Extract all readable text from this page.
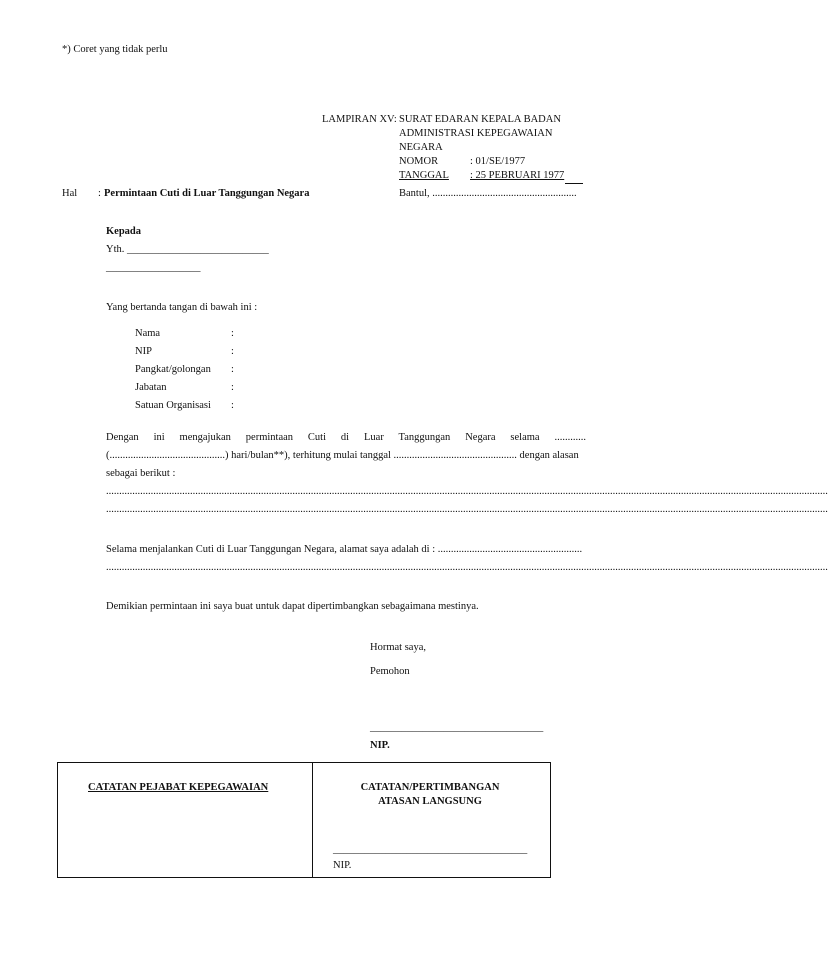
*) Coret yang tidak perlu
LAMPIRAN XV: SURAT EDARAN KEPALA BADAN
ADMINISTRASI KEPEGAWAIAN
NEGARA
NOMOR	: 01/SE/1977
TANGGAL : 25 PEBRUARI 1977
Hal : Permintaan Cuti di Luar Tanggungan Negara	Bantul, .......................................................
Kepada
Yth. ___________________________
__________________
Yang bertanda tangan di bawah ini :
Nama	:
NIP	:
Pangkat/golongan :
Jabatan	:
Satuan Organisasi :
Dengan ini mengajukan permintaan Cuti di Luar Tanggungan Negara selama ............
(............................................) hari/bulan**), terhitung mulai tanggal ............................................... dengan alasan
sebagai berikut :
...................................................................................................................................................................................................................................................................................
...................................................................................................................................................................................................................................................................................
Selama menjalankan Cuti di Luar Tanggungan Negara, alamat saya adalah di : .......................................................
...................................................................................................................................................................................................................................................................................
Demikian permintaan ini saya buat untuk dapat dipertimbangkan sebagaimana mestinya.
Hormat saya,
Pemohon
_________________________________
NIP.
CATATAN PEJABAT KEPEGAWAIAN	CATATAN/PERTIMBANGAN
ATASAN LANGSUNG
_____________________________________
NIP.
